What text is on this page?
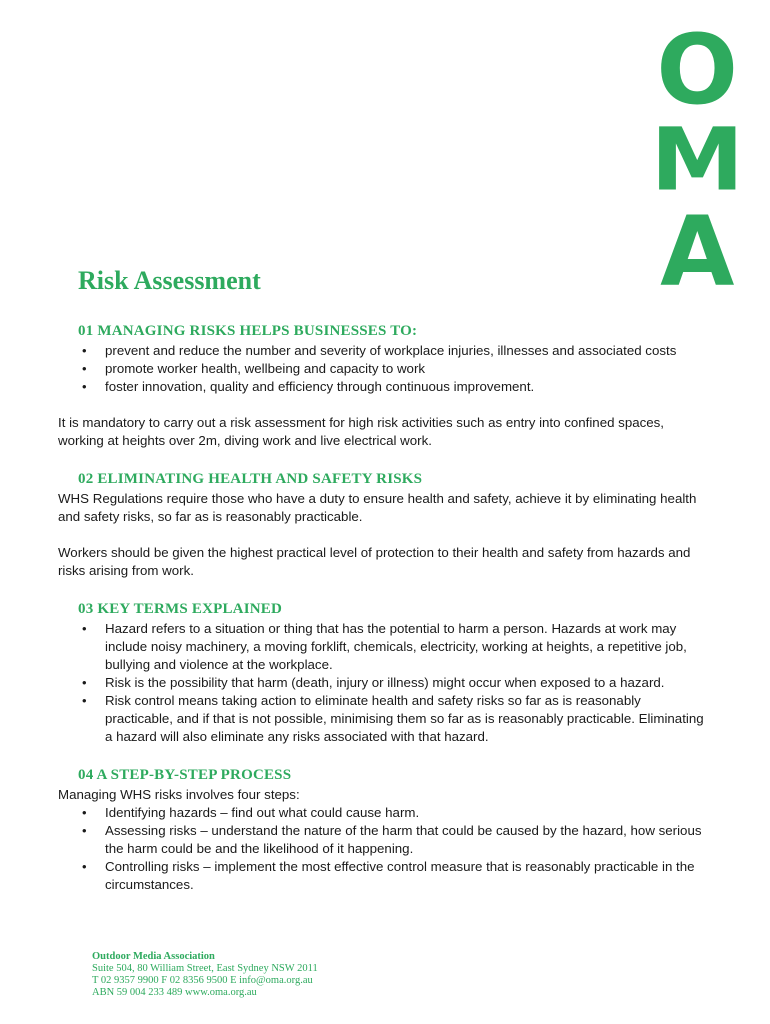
O
M
A
Risk Assessment
01 MANAGING RISKS HELPS BUSINESSES TO:
• prevent and reduce the number and severity of workplace injuries, illnesses and associated costs
• promote worker health, wellbeing and capacity to work
• foster innovation, quality and efficiency through continuous improvement.

It is mandatory to carry out a risk assessment for high risk activities such as entry into confined spaces, working at heights over 2m, diving work and live electrical work.

02 ELIMINATING HEALTH AND SAFETY RISKS

WHS Regulations require those who have a duty to ensure health and safety, achieve it by eliminating health and safety risks, so far as is reasonably practicable.

Workers should be given the highest practical level of protection to their health and safety from hazards and risks arising from work.

03 KEY TERMS EXPLAINED
• Hazard refers to a situation or thing that has the potential to harm a person. Hazards at work may include noisy machinery, a moving forklift, chemicals, electricity, working at heights, a repetitive job, bullying and violence at the workplace.
• Risk is the possibility that harm (death, injury or illness) might occur when exposed to a hazard.
• Risk control means taking action to eliminate health and safety risks so far as is reasonably practicable, and if that is not possible, minimising them so far as is reasonably practicable. Eliminating a hazard will also eliminate any risks associated with that hazard.
04 A STEP-BY-STEP PROCESS

Managing WHS risks involves four steps:

• Identifying hazards – find out what could cause harm.
• Assessing risks – understand the nature of the harm that could be caused by the hazard, how serious the harm could be and the likelihood of it happening.
• Controlling risks – implement the most effective control measure that is reasonably practicable in the circumstances.
Outdoor Media Association
Suite 504, 80 William Street, East Sydney NSW 2011
T 02 9357 9900 F 02 8356 9500 E info@oma.org.au
ABN 59 004 233 489 www.oma.org.au
